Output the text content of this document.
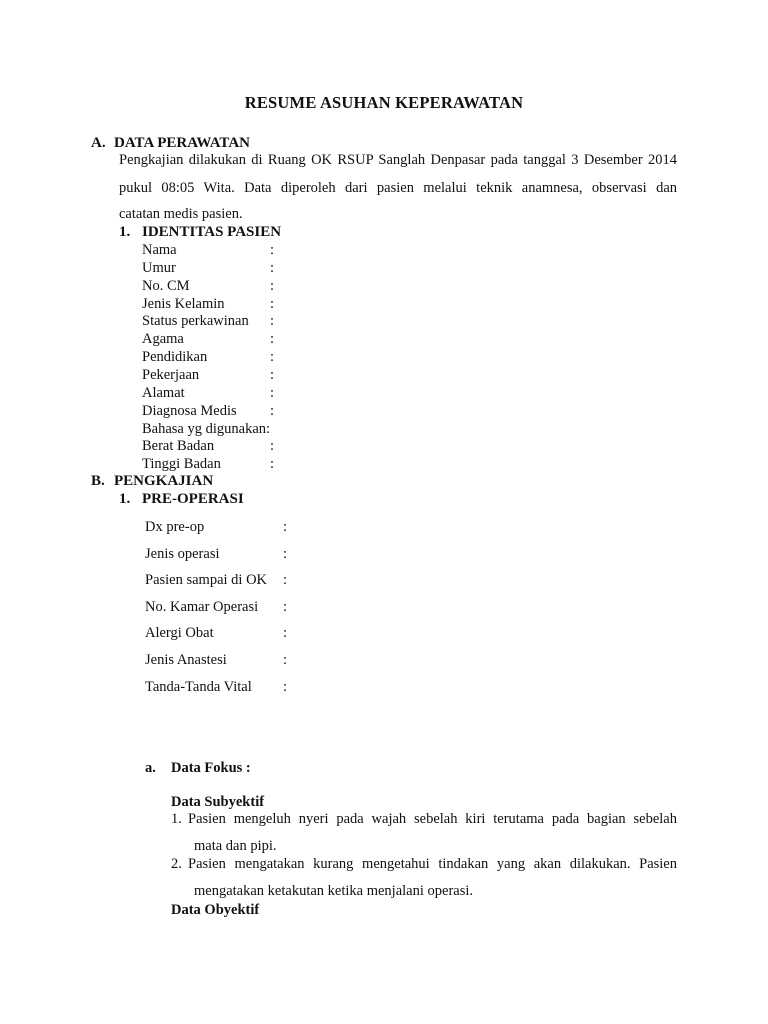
RESUME ASUHAN KEPERAWATAN
A. DATA PERAWATAN
Pengkajian dilakukan di Ruang OK RSUP Sanglah Denpasar pada tanggal 3 Desember 2014
pukul 08:05 Wita. Data diperoleh dari pasien melalui teknik anamnesa, observasi dan
catatan medis pasien.
1. IDENTITAS PASIEN
Nama	:
Umur	:
No. CM	:
Jenis Kelamin	:
Status perkawinan :
Agama	:
Pendidikan	:
Pekerjaan	:
Alamat	:
Diagnosa Medis :
Bahasa yg digunakan:
Berat Badan	:
Tinggi Badan	:
B. PENGKAJIAN
1. PRE-OPERASI
Dx pre-op	:
Jenis operasi	:
Pasien sampai di OK :
No. Kamar Operasi :
Alergi Obat	:
Jenis Anastesi	:
Tanda-Tanda Vital :
a. Data Fokus :
Data Subyektif
1. Pasien mengeluh nyeri pada wajah sebelah kiri terutama pada bagian sebelah
mata dan pipi.
2. Pasien mengatakan kurang mengetahui tindakan yang akan dilakukan. Pasien
mengatakan ketakutan ketika menjalani operasi.
Data Obyektif
